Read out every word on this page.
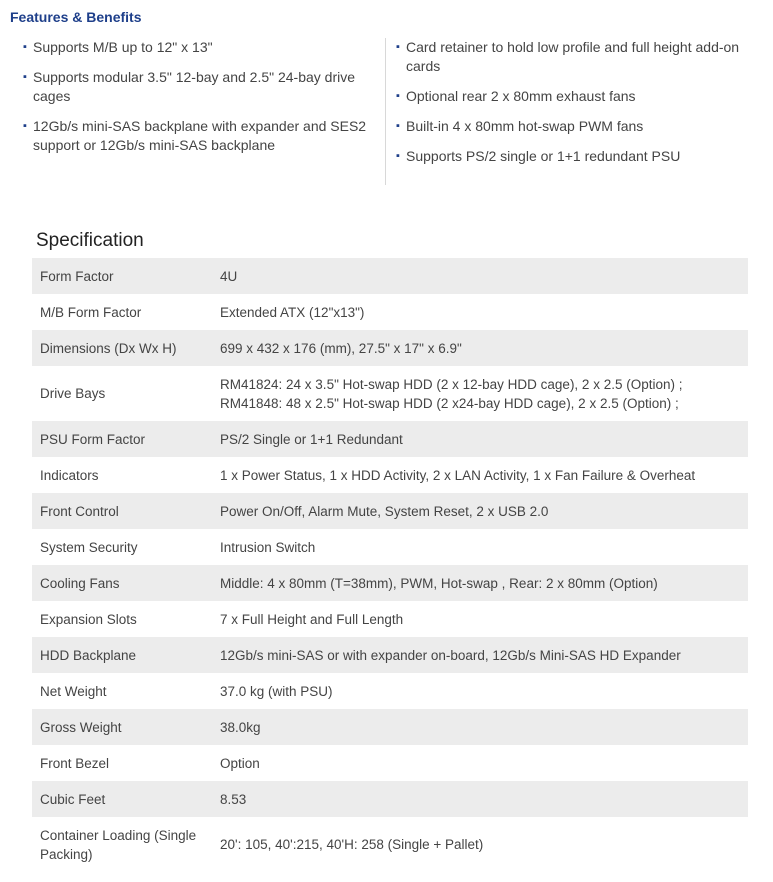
Features & Benefits
▪ Supports M/B up to 12" x 13"
▪ Supports modular 3.5" 12-bay and 2.5" 24-bay drive cages
▪ 12Gb/s mini-SAS backplane with expander and SES2 support or 12Gb/s mini-SAS backplane
▪ Card retainer to hold low profile and full height add-on cards
▪ Optional rear 2 x 80mm exhaust fans
▪ Built-in 4 x 80mm hot-swap PWM fans
▪ Supports PS/2 single or 1+1 redundant PSU
Specification
Form Factor	4U
M/B Form Factor	Extended ATX (12"x13")
Dimensions (Dx Wx H)	699 x 432 x 176 (mm), 27.5" x 17" x 6.9"
Drive Bays	RM41824: 24 x 3.5" Hot-swap HDD (2 x 12-bay HDD cage), 2 x 2.5 (Option) ;
RM41848: 48 x 2.5" Hot-swap HDD (2 x24-bay HDD cage), 2 x 2.5 (Option) ;

PSU Form Factor	PS/2 Single or 1+1 Redundant
Indicators	1 x Power Status, 1 x HDD Activity, 2 x LAN Activity, 1 x Fan Failure & Overheat
Front Control	Power On/Off, Alarm Mute, System Reset, 2 x USB 2.0
System Security	Intrusion Switch
Cooling Fans	Middle: 4 x 80mm (T=38mm), PWM, Hot-swap , Rear: 2 x 80mm (Option)
Expansion Slots	7 x Full Height and Full Length
HDD Backplane	12Gb/s mini-SAS or with expander on-board, 12Gb/s Mini-SAS HD Expander
Net Weight	37.0 kg (with PSU)
Gross Weight	38.0kg
Front Bezel	Option
Cubic Feet	8.53
Container Loading (Single Packing)	20': 105, 40':215, 40'H: 258 (Single + Pallet)
